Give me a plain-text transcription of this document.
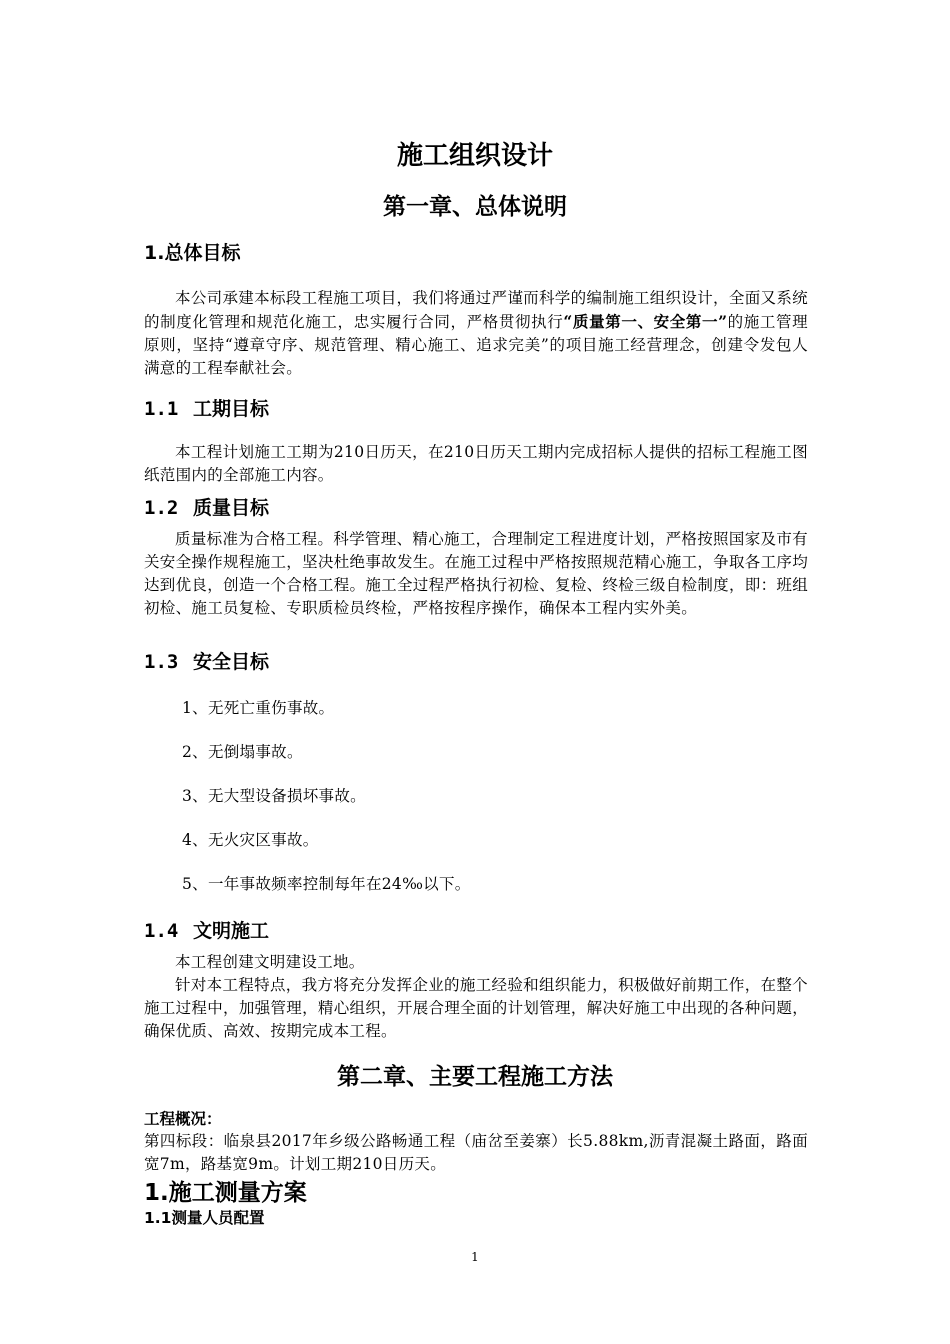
施工组织设计
第一章、总体说明
1.总体目标
本公司承建本标段工程施工项目，我们将通过严谨而科学的编制施工组织设计，全面又系统的制度化管理和规范化施工，忠实履行合同，严格贯彻执行“质量第一、安全第一”的施工管理原则，坚持“遵章守序、规范管理、精心施工、追求完美”的项目施工经营理念，创建令发包人满意的工程奉献社会。
1.1 工期目标
本工程计划施工工期为210日历天，在210日历天工期内完成招标人提供的招标工程施工图纸范围内的全部施工内容。
1.2 质量目标
质量标准为合格工程。科学管理、精心施工，合理制定工程进度计划，严格按照国家及市有关安全操作规程施工，坚决杜绝事故发生。在施工过程中严格按照规范精心施工，争取各工序均达到优良，创造一个合格工程。施工全过程严格执行初检、复检、终检三级自检制度，即：班组初检、施工员复检、专职质检员终检，严格按程序操作，确保本工程内实外美。
1.3 安全目标
1、无死亡重伤事故。
2、无倒塌事故。
3、无大型设备损坏事故。
4、无火灾区事故。
5、一年事故频率控制每年在24‰以下。
1.4 文明施工
本工程创建文明建设工地。
针对本工程特点，我方将充分发挥企业的施工经验和组织能力，积极做好前期工作，在整个施工过程中，加强管理，精心组织，开展合理全面的计划管理，解决好施工中出现的各种问题，确保优质、高效、按期完成本工程。
第二章、主要工程施工方法
工程概况：
第四标段：临泉县2017年乡级公路畅通工程（庙岔至姜寨）长5.88km,沥青混凝土路面，路面宽7m，路基宽9m。计划工期210日历天。
1.施工测量方案
1.1测量人员配置
1
